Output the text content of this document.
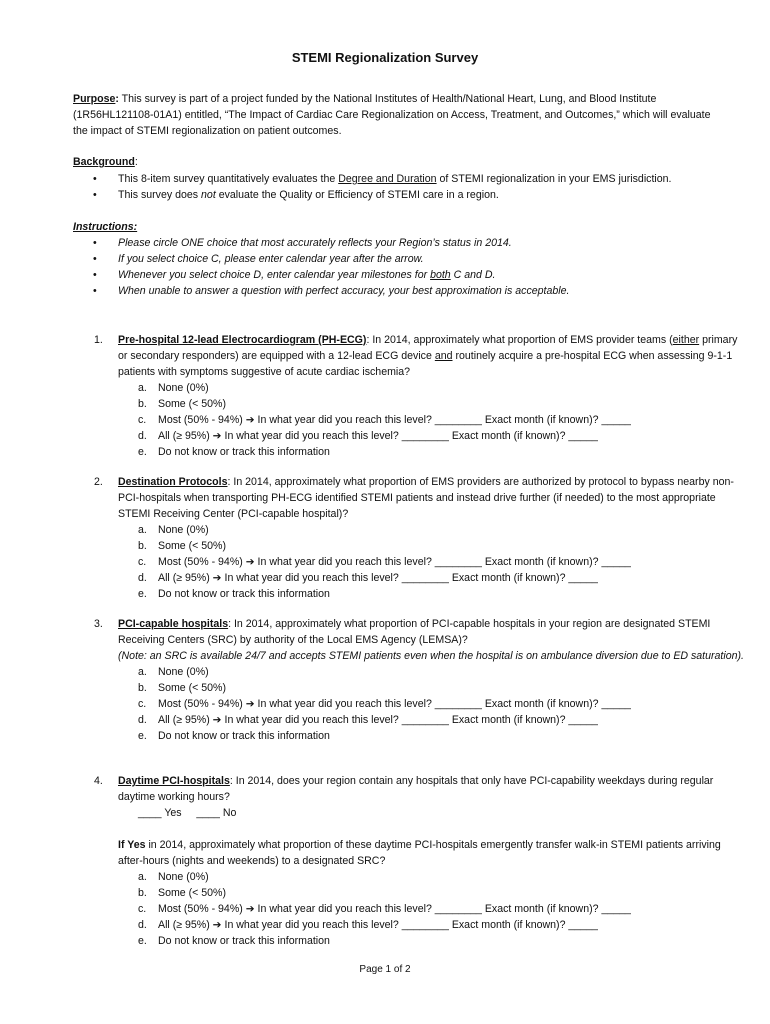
STEMI Regionalization Survey
Purpose: This survey is part of a project funded by the National Institutes of Health/National Heart, Lung, and Blood Institute (1R56HL121108-01A1) entitled, “The Impact of Cardiac Care Regionalization on Access, Treatment, and Outcomes,” which will evaluate the impact of STEMI regionalization on patient outcomes.
Background:
• This 8-item survey quantitatively evaluates the Degree and Duration of STEMI regionalization in your EMS jurisdiction.
• This survey does not evaluate the Quality or Efficiency of STEMI care in a region.
Instructions:
• Please circle ONE choice that most accurately reflects your Region’s status in 2014.
• If you select choice C, please enter calendar year after the arrow.
• Whenever you select choice D, enter calendar year milestones for both C and D.
• When unable to answer a question with perfect accuracy, your best approximation is acceptable.
1. Pre-hospital 12-lead Electrocardiogram (PH-ECG): In 2014, approximately what proportion of EMS provider teams (either primary or secondary responders) are equipped with a 12-lead ECG device and routinely acquire a pre-hospital ECG when assessing 9-1-1 patients with symptoms suggestive of acute cardiac ischemia?
a. None (0%)
b. Some (< 50%)
c. Most (50% - 94%) ➔ In what year did you reach this level? ________ Exact month (if known)? _____
d. All (≥ 95%) ➔ In what year did you reach this level? ________ Exact month (if known)? _____
e. Do not know or track this information
2. Destination Protocols: In 2014, approximately what proportion of EMS providers are authorized by protocol to bypass nearby non-PCI-hospitals when transporting PH-ECG identified STEMI patients and instead drive further (if needed) to the most appropriate STEMI Receiving Center (PCI-capable hospital)?
a. None (0%)
b. Some (< 50%)
c. Most (50% - 94%) ➔ In what year did you reach this level? ________ Exact month (if known)? _____
d. All (≥ 95%) ➔ In what year did you reach this level? ________ Exact month (if known)? _____
e. Do not know or track this information
3. PCI-capable hospitals: In 2014, approximately what proportion of PCI-capable hospitals in your region are designated STEMI Receiving Centers (SRC) by authority of the Local EMS Agency (LEMSA)?
(Note: an SRC is available 24/7 and accepts STEMI patients even when the hospital is on ambulance diversion due to ED saturation).
a. None (0%)
b. Some (< 50%)
c. Most (50% - 94%) ➔ In what year did you reach this level? ________ Exact month (if known)? _____
d. All (≥ 95%) ➔ In what year did you reach this level? ________ Exact month (if known)? _____
e. Do not know or track this information
4. Daytime PCI-hospitals: In 2014, does your region contain any hospitals that only have PCI-capability weekdays during regular daytime working hours?
____ Yes ____ No
If Yes in 2014, approximately what proportion of these daytime PCI-hospitals emergently transfer walk-in STEMI patients arriving after-hours (nights and weekends) to a designated SRC?
a. None (0%)
b. Some (< 50%)
c. Most (50% - 94%) ➔ In what year did you reach this level? ________ Exact month (if known)? _____
d. All (≥ 95%) ➔ In what year did you reach this level? ________ Exact month (if known)? _____
e. Do not know or track this information
Page 1 of 2
